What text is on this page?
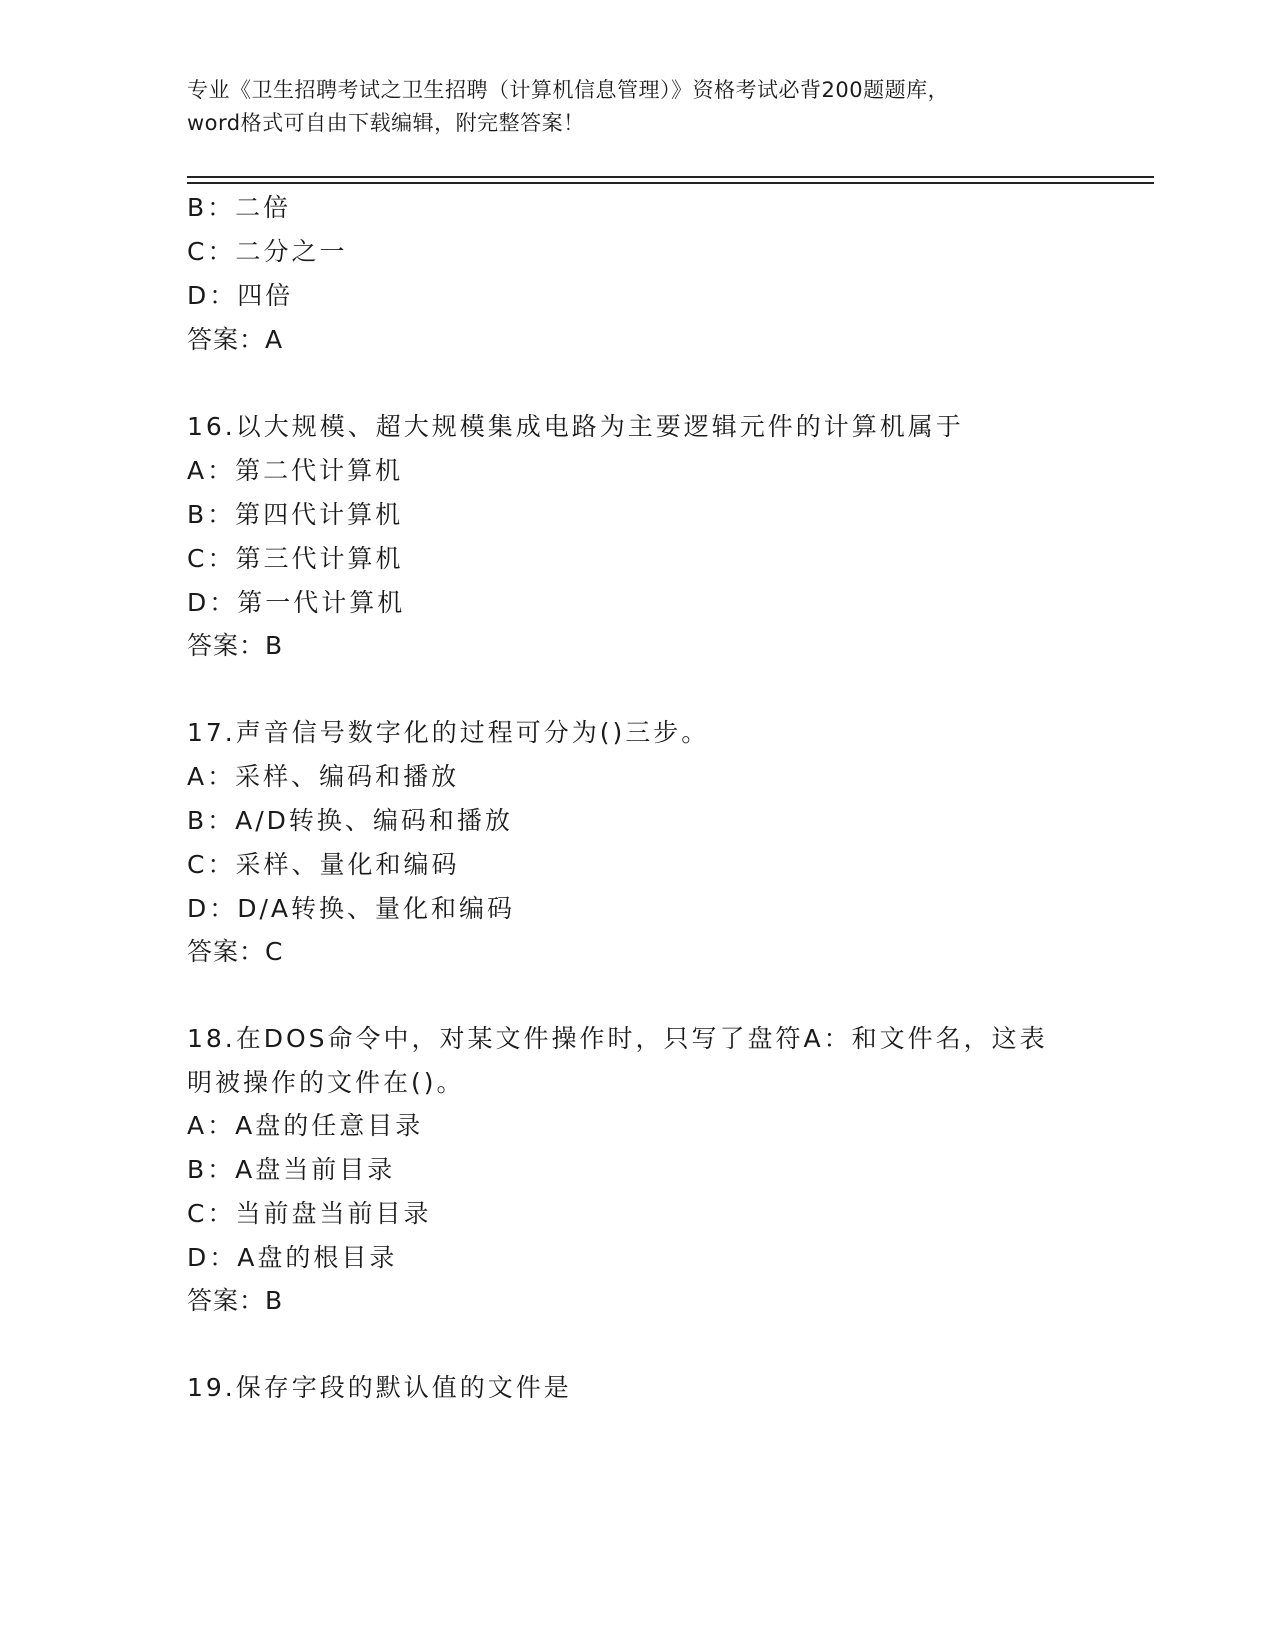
专业《卫生招聘考试之卫生招聘（计算机信息管理）》资格考试必背200题题库，
word格式可自由下载编辑，附完整答案！
B：二倍
C：二分之一
D：四倍
答案：A
16.以大规模、超大规模集成电路为主要逻辑元件的计算机属于
A：第二代计算机
B：第四代计算机
C：第三代计算机
D：第一代计算机
答案：B
17.声音信号数字化的过程可分为()三步。
A：采样、编码和播放
B：A/D转换、编码和播放
C：采样、量化和编码
D：D/A转换、量化和编码
答案：C
18.在DOS命令中，对某文件操作时，只写了盘符A：和文件名，这表
明被操作的文件在()。
A：A盘的任意目录
B：A盘当前目录
C：当前盘当前目录
D：A盘的根目录
答案：B
19.保存字段的默认值的文件是
